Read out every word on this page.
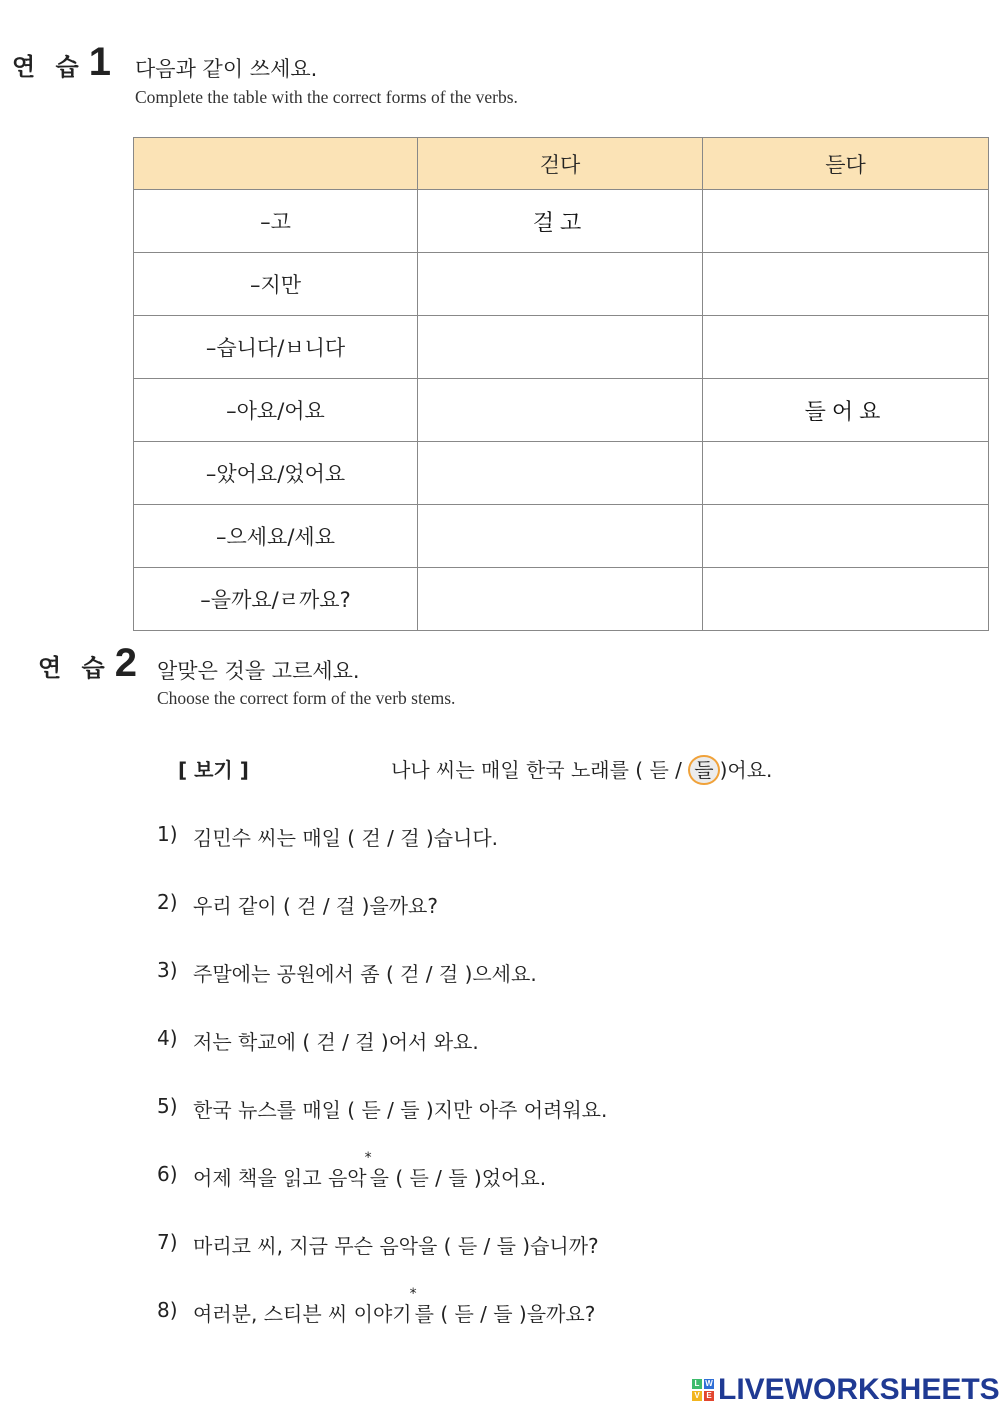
연 습 1 다음과 같이 쓰세요.
Complete the table with the correct forms of the verbs.
	걷다	듣다
–고	걸고	
–지만		
–습니다/ㅂ니다		
–아요/어요		들어요
–았어요/었어요		
–으세요/세요		
–을까요/ㄹ까요?		
연 습 2 알맞은 것을 고르세요.
Choose the correct form of the verb stems.
[ 보기 ]	나나 씨는 매일 한국 노래를 ( 듣 / 들 )어요.
1) 김민수 씨는 매일 ( 걷 / 걸 )습니다.
2) 우리 같이 ( 걷 / 걸 )을까요?
3) 주말에는 공원에서 좀 ( 걷 / 걸 )으세요.
4) 저는 학교에 ( 걷 / 걸 )어서 와요.
5) 한국 뉴스를 매일 ( 듣 / 들 )지만 아주 어려워요.
6) 어제 책을 읽고 음악
*
을 ( 듣 / 들 )었어요.
7) 마리코 씨, 지금 무슨 음악을 ( 듣 / 들 )습니까?
8) 여러분, 스티븐 씨 이야기
*
를 ( 듣 / 들 )을까요?
L W
V E LIVEWORKSHEETS
